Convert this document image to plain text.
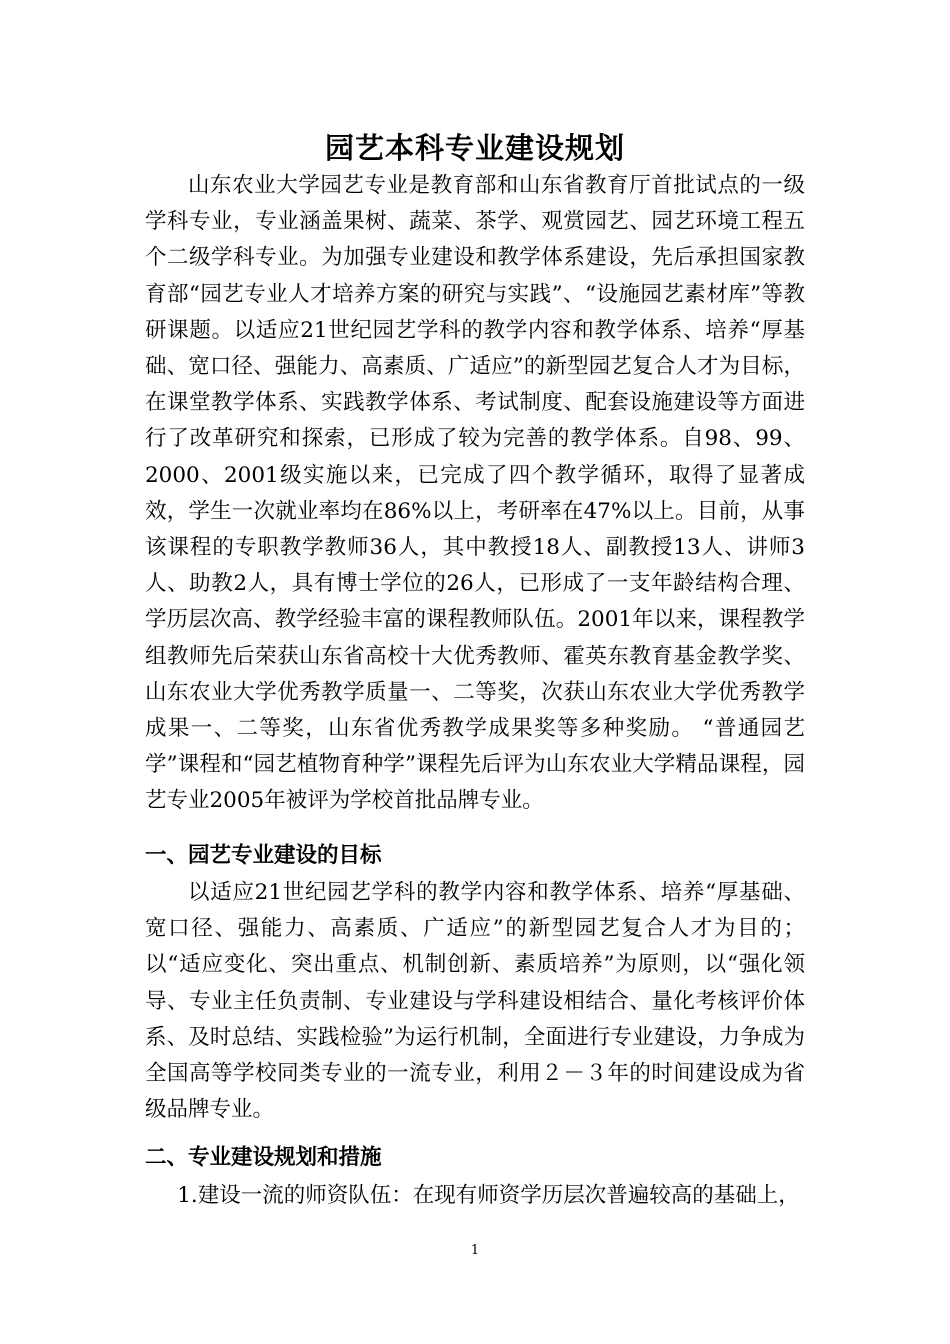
园艺本科专业建设规划

山东农业大学园艺专业是教育部和山东省教育厅首批试点的一级学科专业，专业涵盖果树、蔬菜、茶学、观赏园艺、园艺环境工程五个二级学科专业。为加强专业建设和教学体系建设，先后承担国家教育部“园艺专业人才培养方案的研究与实践”、“设施园艺素材库”等教研课题。以适应21世纪园艺学科的教学内容和教学体系、培养“厚基础、宽口径、强能力、高素质、广适应”的新型园艺复合人才为目标，在课堂教学体系、实践教学体系、考试制度、配套设施建设等方面进行了改革研究和探索，已形成了较为完善的教学体系。自98、99、2000、2001级实施以来，已完成了四个教学循环，取得了显著成效，学生一次就业率均在86%以上，考研率在47%以上。目前，从事该课程的专职教学教师36人，其中教授18人、副教授13人、讲师3人、助教2人，具有博士学位的26人，已形成了一支年龄结构合理、学历层次高、教学经验丰富的课程教师队伍。2001年以来，课程教学组教师先后荣获山东省高校十大优秀教师、霍英东教育基金教学奖、山东农业大学优秀教学质量一、二等奖，次获山东农业大学优秀教学成果一、二等奖，山东省优秀教学成果奖等多种奖励。 “普通园艺学”课程和“园艺植物育种学”课程先后评为山东农业大学精品课程，园艺专业2005年被评为学校首批品牌专业。

一、园艺专业建设的目标

以适应21世纪园艺学科的教学内容和教学体系、培养“厚基础、宽口径、强能力、高素质、广适应”的新型园艺复合人才为目的；以“适应变化、突出重点、机制创新、素质培养”为原则，以“强化领导、专业主任负责制、专业建设与学科建设相结合、量化考核评价体系、及时总结、实践检验”为运行机制，全面进行专业建设，力争成为全国高等学校同类专业的一流专业，利用２－３年的时间建设成为省级品牌专业。

二、专业建设规划和措施

1.建设一流的师资队伍：在现有师资学历层次普遍较高的基础上，

1
